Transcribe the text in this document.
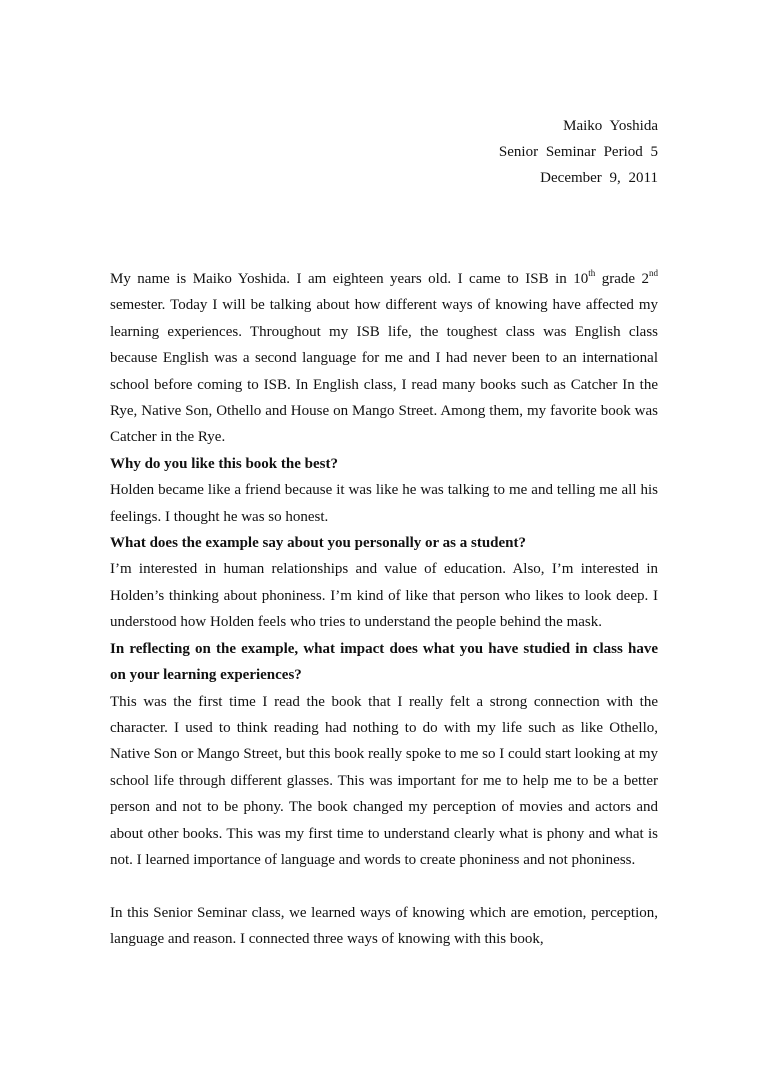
Maiko Yoshida
Senior Seminar Period 5
December 9, 2011

My name is Maiko Yoshida. I am eighteen years old. I came to ISB in 10th grade 2nd semester. Today I will be talking about how different ways of knowing have affected my learning experiences. Throughout my ISB life, the toughest class was English class because English was a second language for me and I had never been to an international school before coming to ISB. In English class, I read many books such as Catcher In the Rye, Native Son, Othello and House on Mango Street. Among them, my favorite book was Catcher in the Rye.

Why do you like this book the best?

Holden became like a friend because it was like he was talking to me and telling me all his feelings. I thought he was so honest.

What does the example say about you personally or as a student?

I’m interested in human relationships and value of education. Also, I’m interested in Holden’s thinking about phoniness. I’m kind of like that person who likes to look deep. I understood how Holden feels who tries to understand the people behind the mask.

In reflecting on the example, what impact does what you have studied in class have on your learning experiences?

This was the first time I read the book that I really felt a strong connection with the character. I used to think reading had nothing to do with my life such as like Othello, Native Son or Mango Street, but this book really spoke to me so I could start looking at my school life through different glasses. This was important for me to help me to be a better person and not to be phony. The book changed my perception of movies and actors and about other books. This was my first time to understand clearly what is phony and what is not. I learned importance of language and words to create phoniness and not phoniness.

In this Senior Seminar class, we learned ways of knowing which are emotion, perception, language and reason. I connected three ways of knowing with this book,
